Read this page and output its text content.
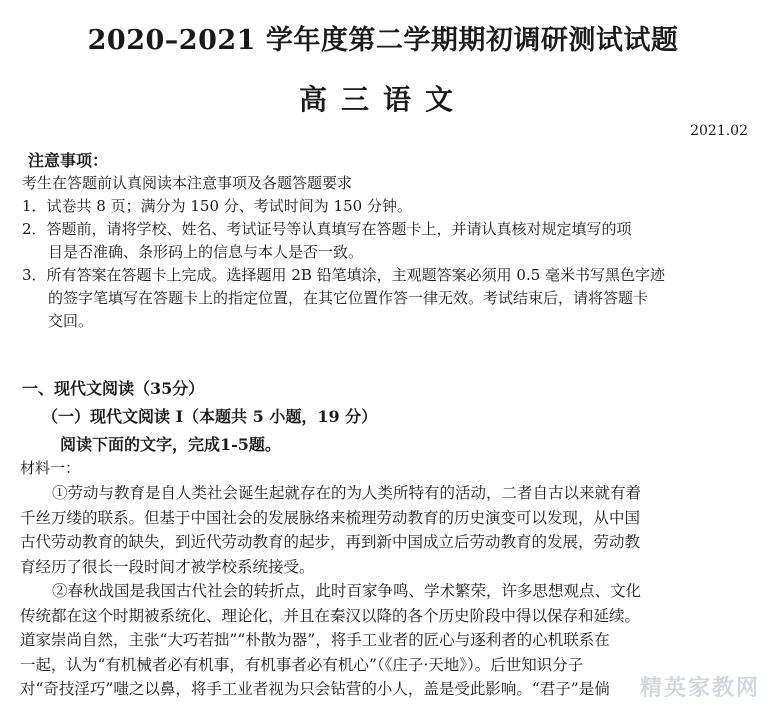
2020–2021 学年度第二学期期初调研测试试题
高三语文
2021.02
注意事项：
考生在答题前认真阅读本注意事项及各题答题要求
1．试卷共 8 页；满分为 150 分、考试时间为 150 分钟。
2．答题前，请将学校、姓名、考试证号等认真填写在答题卡上，并请认真核对规定填写的项
目是否准确、条形码上的信息与本人是否一致。
3．所有答案在答题卡上完成。选择题用 2B 铅笔填涂，主观题答案必须用 0.5 毫米书写黑色字迹
的签字笔填写在答题卡上的指定位置，在其它位置作答一律无效。考试结束后，请将答题卡
交回。
一、现代文阅读（35分）
（一）现代文阅读 I（本题共 5 小题，19 分）
阅读下面的文字，完成1-5题。
材料一：
①劳动与教育是自人类社会诞生起就存在的为人类所特有的活动，二者自古以来就有着
千丝万缕的联系。但基于中国社会的发展脉络来梳理劳动教育的历史演变可以发现，从中国
古代劳动教育的缺失，到近代劳动教育的起步，再到新中国成立后劳动教育的发展，劳动教
育经历了很长一段时间才被学校系统接受。
②春秋战国是我国古代社会的转折点，此时百家争鸣、学术繁荣，许多思想观点、文化
传统都在这个时期被系统化、理论化，并且在秦汉以降的各个历史阶段中得以保存和延续。
道家崇尚自然，主张“大巧若拙”“朴散为器”，将手工业者的匠心与逐利者的心机联系在
一起，认为“有机械者必有机事，有机事者必有机心”（《庄子·天地》）。后世知识分子
对“奇技淫巧”嗤之以鼻，将手工业者视为只会钻营的小人，盖是受此影响。“君子”是倘	精英家教网
